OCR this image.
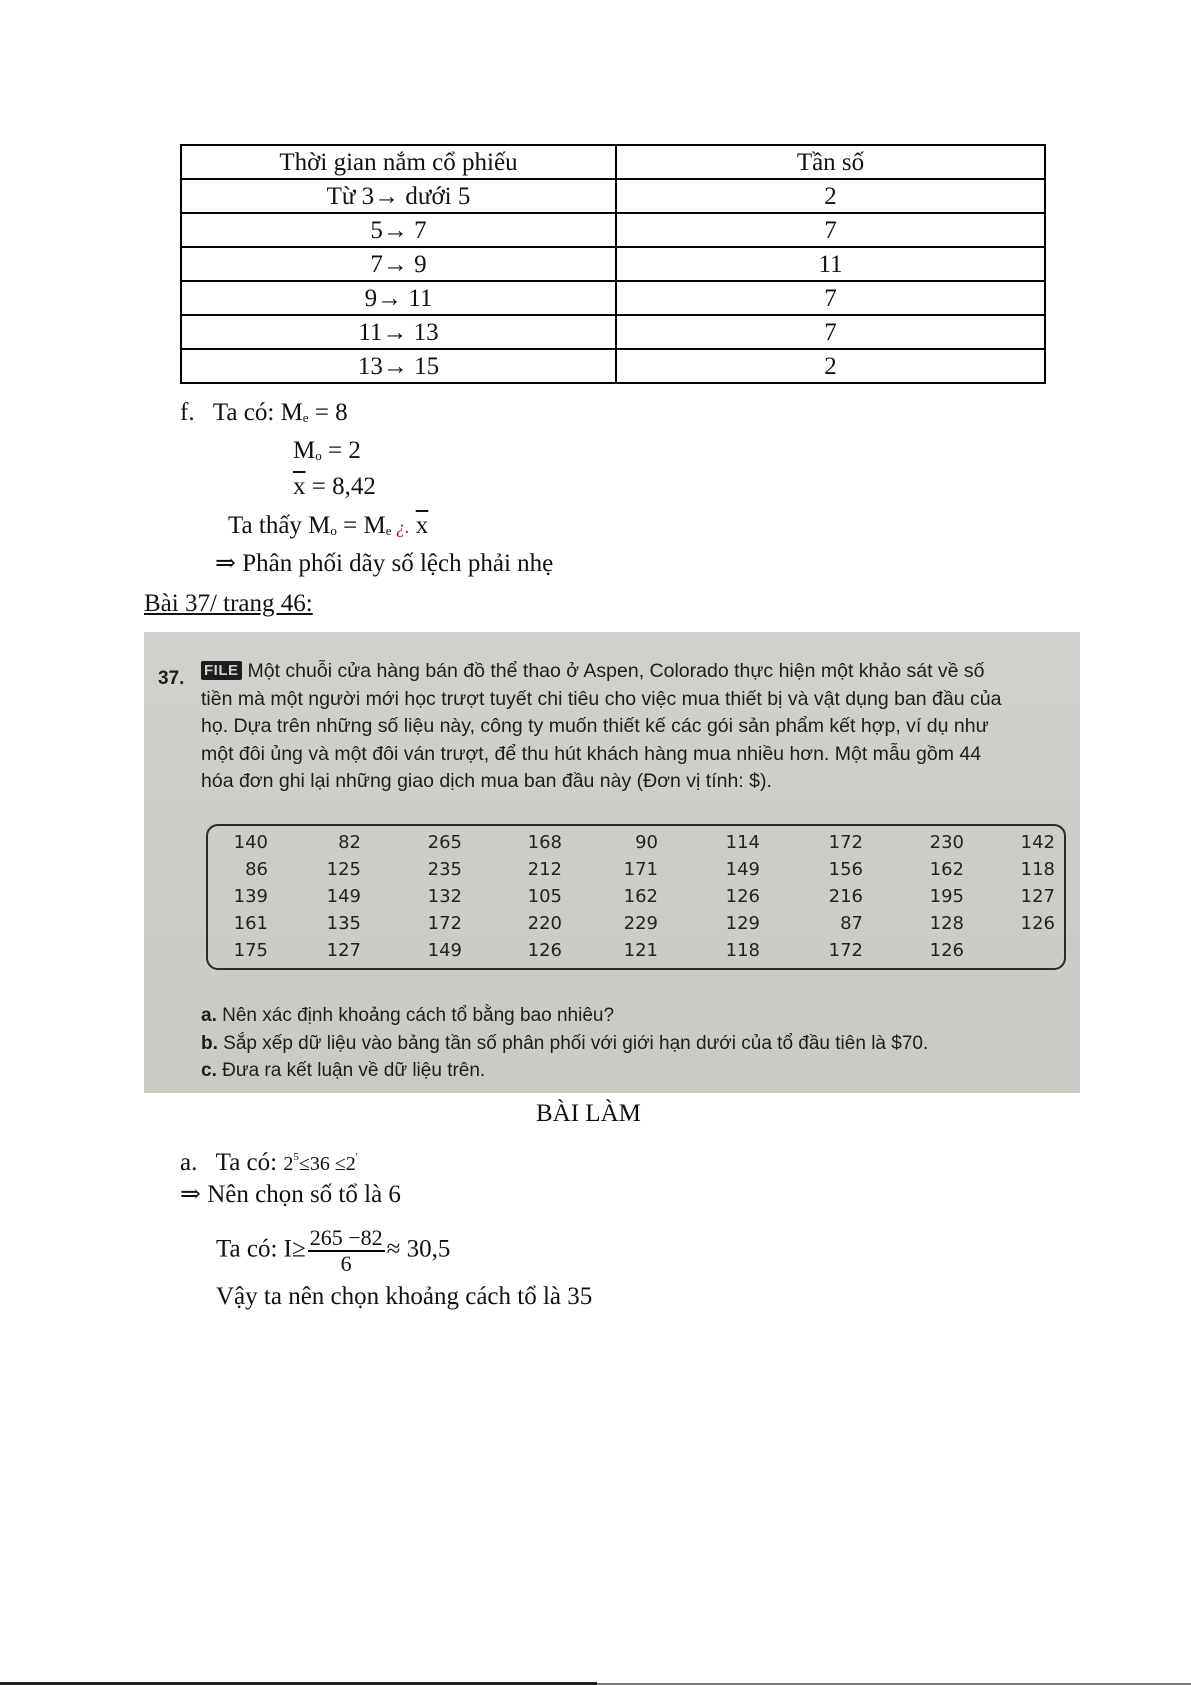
Thời gian nắm cổ phiếu	Tần số
Từ 3→ dưới 5	2
5→ 7	7
7→ 9	11
9→ 11	7
11→ 13	7
13→ 15	2
f. Ta có: $M_e = 8$
$M_o = 2$
$\overline{x} = 8,42$
Ta thấy $M_o = M_e$ ¿. $\overline{x}$
⇒ Phân phối dãy số lệch phải nhẹ
Bài 37/ trang 46:
37. FILE Một chuỗi cửa hàng bán đồ thể thao ở Aspen, Colorado thực hiện một khảo sát về số
tiền mà một người mới học trượt tuyết chi tiêu cho việc mua thiết bị và vật dụng ban đầu của
họ. Dựa trên những số liệu này, công ty muốn thiết kế các gói sản phẩm kết hợp, ví dụ như
một đôi ủng và một đôi ván trượt, để thu hút khách hàng mua nhiều hơn. Một mẫu gồm 44
hóa đơn ghi lại những giao dịch mua ban đầu này (Đơn vị tính: $).
140	82	265	168	90	114	172	230	142
86	125	235	212	171	149	156	162	118
139	149	132	105	162	126	216	195	127
161	135	172	220	229	129	87	128	126
175	127	149	126	121	118	172	126
a. Nên xác định khoảng cách tổ bằng bao nhiêu?
b. Sắp xếp dữ liệu vào bảng tần số phân phối với giới hạn dưới của tổ đầu tiên là $70.
c. Đưa ra kết luận về dữ liệu trên.
BÀI LÀM
a. Ta có: $2^5\le 36 \le 2'$
⇒ Nên chọn số tổ là 6
Ta có: $I\ge \frac{265 -82}{6} \approx 30,5$
Vậy ta nên chọn khoảng cách tổ là 35
